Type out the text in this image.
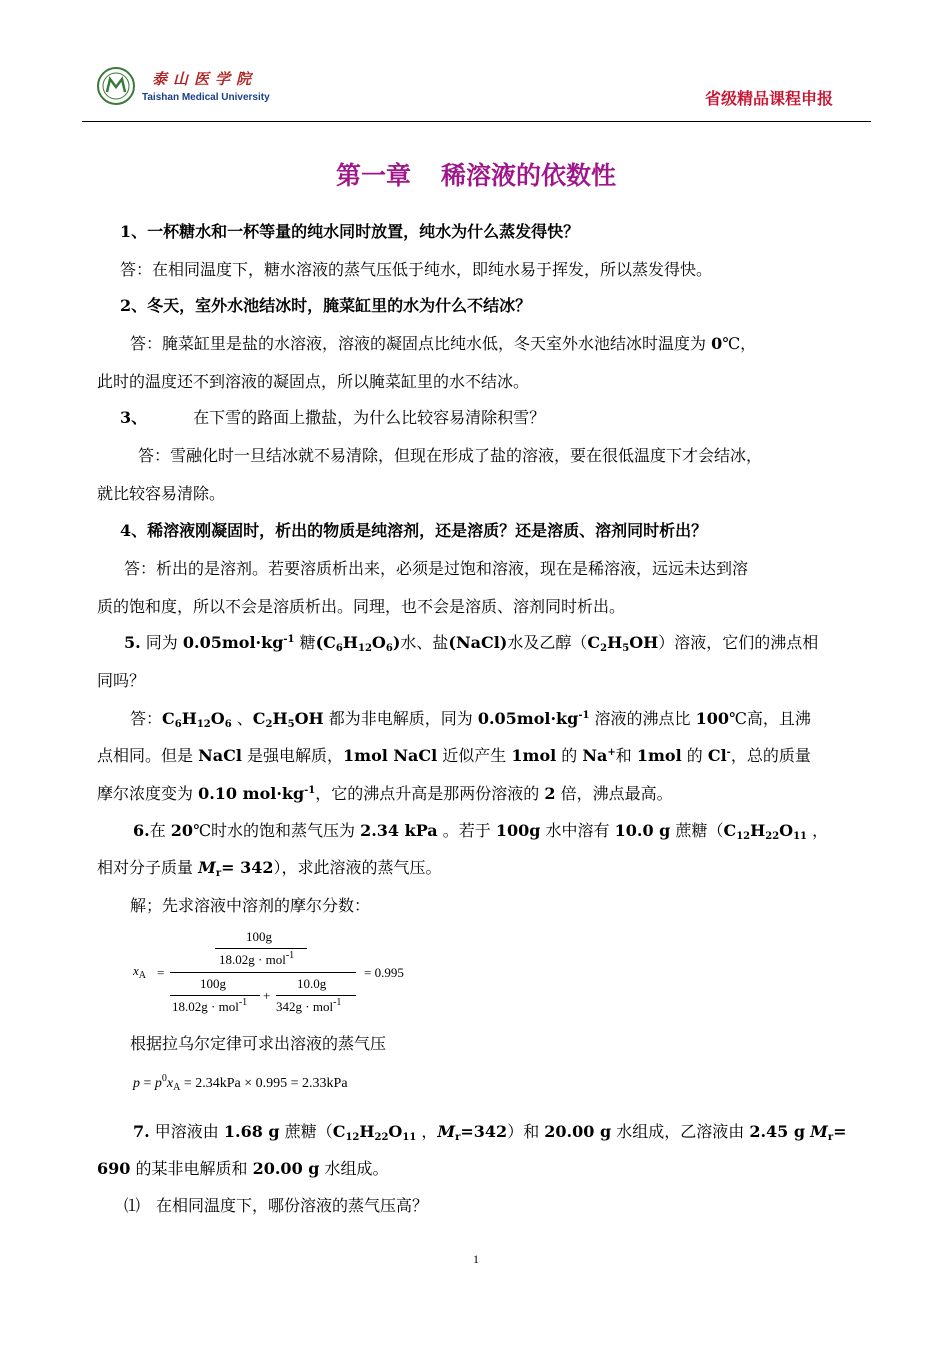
泰山医学院
Taishan Medical University	省级精品课程申报
第一章 稀溶液的依数性
1、一杯糖水和一杯等量的纯水同时放置，纯水为什么蒸发得快？
答：在相同温度下，糖水溶液的蒸气压低于纯水，即纯水易于挥发，所以蒸发得快。
2、冬天，室外水池结冰时，腌菜缸里的水为什么不结冰？
答：腌菜缸里是盐的水溶液，溶液的凝固点比纯水低，冬天室外水池结冰时温度为 0℃，
此时的温度还不到溶液的凝固点，所以腌菜缸里的水不结冰。
3、	在下雪的路面上撒盐，为什么比较容易清除积雪？
答：雪融化时一旦结冰就不易清除，但现在形成了盐的溶液，要在很低温度下才会结冰，
就比较容易清除。
4、稀溶液刚凝固时，析出的物质是纯溶剂，还是溶质？还是溶质、溶剂同时析出？
答：析出的是溶剂。若要溶质析出来，必须是过饱和溶液，现在是稀溶液，远远未达到溶
质的饱和度，所以不会是溶质析出。同理，也不会是溶质、溶剂同时析出。
5. 同为 $0.05mol\cdot kg^{-1}$ 糖$(C_6H_{12}O_6)$水、盐(NaCl)水及乙醇$(C_2H_5OH)$溶液，它们的沸点相
同吗？
答：$C_6H_{12}O_6$ 、$C_2H_5OH$ 都为非电解质，同为 $0.05mol\cdot kg^{-1}$ 溶液的沸点比 100℃高，且沸
点相同。但是 NaCl 是强电解质，1mol NaCl 近似产生 1mol 的 Na+和 1mol 的 Cl-，总的质量
摩尔浓度变为 0.10 $mol\cdot kg^{-1}$，它的沸点升高是那两份溶液的 2 倍，沸点最高。
6.在 20℃时水的饱和蒸气压为 2.34 kPa 。若于 100g 水中溶有 10.0 g 蔗糖（$C_{12}H_{22}O_{11}$ ，
相对分子质量 $M_r= 342$），求此溶液的蒸气压。
解；先求溶液中溶剂的摩尔分数：
100g
18.02g · mol$^{-1}$
$x_A$ =	= 0.995
100g
18.02g · mol$^{-1}$ +
10.0g
342g · mol$^{-1}$
根据拉乌尔定律可求出溶液的蒸气压
$p = p^0x_A = 2.34kPa \times 0.995 = 2.33kPa$
7. 甲溶液由 1.68 g 蔗糖（$C_{12}H_{22}O_{11}$ ，$M_r=342$）和 20.00 g 水组成，乙溶液由 2.45 g $M_r=$
690 的某非电解质和 20.00 g 水组成。
⑴ 在相同温度下，哪份溶液的蒸气压高？
1
